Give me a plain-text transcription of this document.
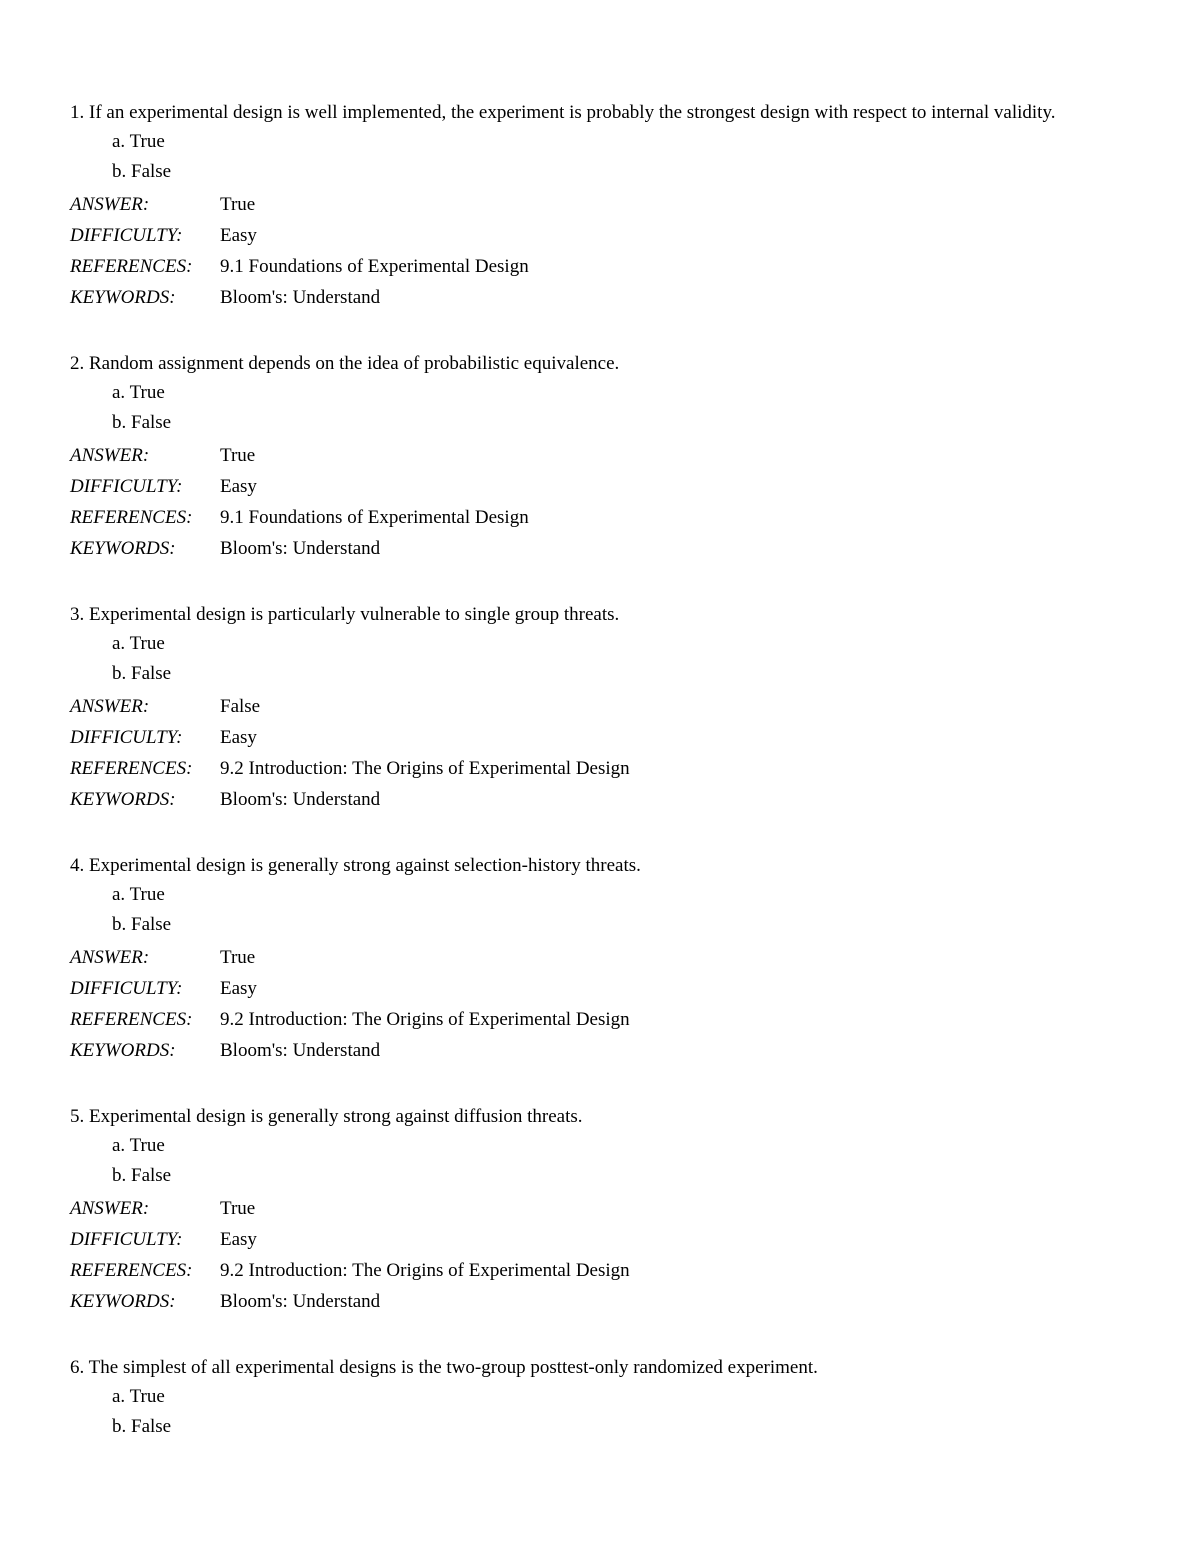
1. If an experimental design is well implemented, the experiment is probably the strongest design with respect to internal validity.
a. True
b. False
ANSWER:	True
DIFFICULTY:	Easy
REFERENCES:	9.1 Foundations of Experimental Design
KEYWORDS:	Bloom's: Understand
2. Random assignment depends on the idea of probabilistic equivalence.
a. True
b. False
ANSWER:	True
DIFFICULTY:	Easy
REFERENCES:	9.1 Foundations of Experimental Design
KEYWORDS:	Bloom's: Understand
3. Experimental design is particularly vulnerable to single group threats.
a. True
b. False
ANSWER:	False
DIFFICULTY:	Easy
REFERENCES:	9.2 Introduction: The Origins of Experimental Design
KEYWORDS:	Bloom's: Understand
4. Experimental design is generally strong against selection-history threats.
a. True
b. False
ANSWER:	True
DIFFICULTY:	Easy
REFERENCES:	9.2 Introduction: The Origins of Experimental Design
KEYWORDS:	Bloom's: Understand
5. Experimental design is generally strong against diffusion threats.
a. True
b. False
ANSWER:	True
DIFFICULTY:	Easy
REFERENCES:	9.2 Introduction: The Origins of Experimental Design
KEYWORDS:	Bloom's: Understand
6. The simplest of all experimental designs is the two-group posttest-only randomized experiment.
a. True
b. False
